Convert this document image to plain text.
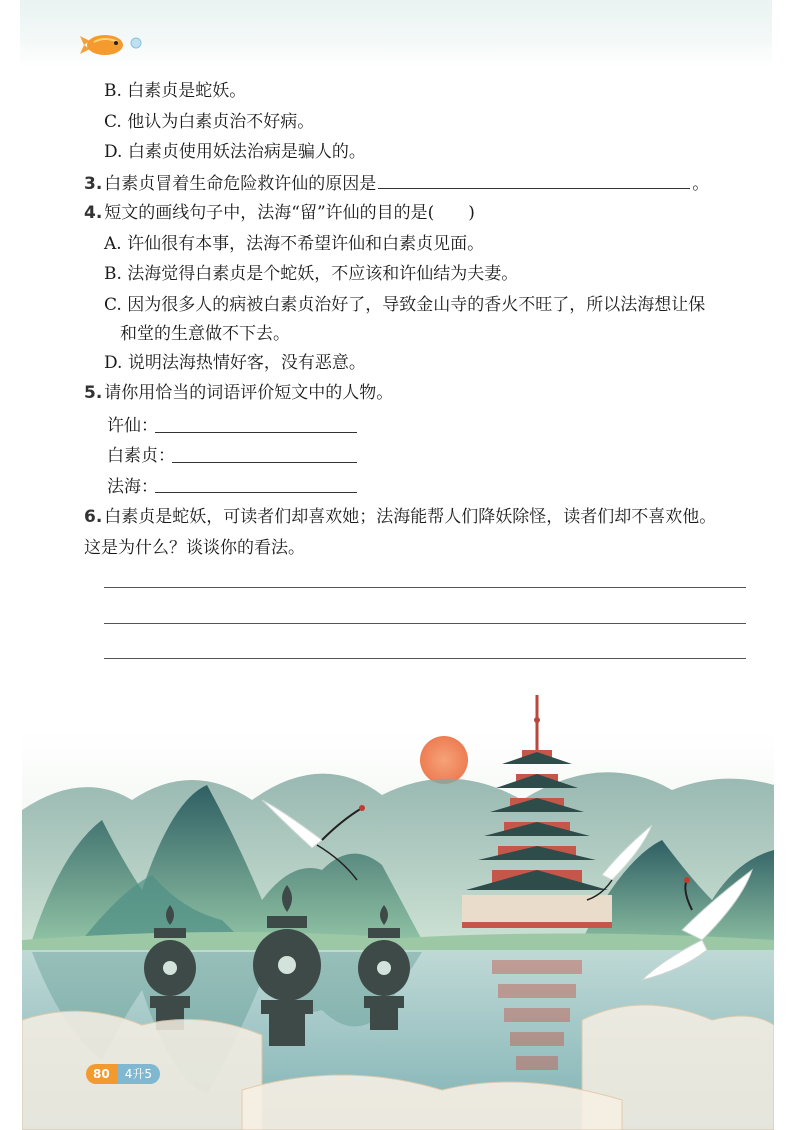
B. 白素贞是蛇妖。
C. 他认为白素贞治不好病。
D. 白素贞使用妖法治病是骗人的。
3. 白素贞冒着生命危险救许仙的原因是	。
4. 短文的画线句子中，法海“留”许仙的目的是(　　)
A. 许仙很有本事，法海不希望许仙和白素贞见面。
B. 法海觉得白素贞是个蛇妖，不应该和许仙结为夫妻。
C. 因为很多人的病被白素贞治好了，导致金山寺的香火不旺了，所以法海想让保
和堂的生意做不下去。
D. 说明法海热情好客，没有恶意。
5. 请你用恰当的词语评价短文中的人物。
许仙：
白素贞：
法海：
6. 白素贞是蛇妖，可读者们却喜欢她；法海能帮人们降妖除怪，读者们却不喜欢他。
这是为什么？谈谈你的看法。
80	4升5
